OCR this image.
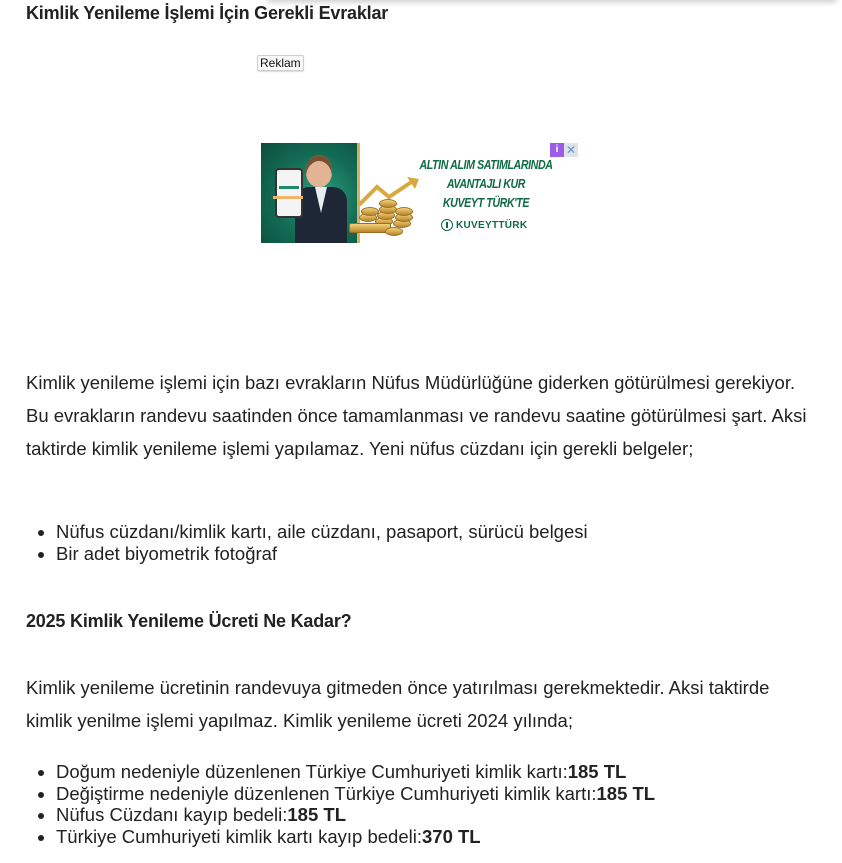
Kimlik Yenileme İşlemi İçin Gerekli Evraklar
Reklam
ALTIN ALIM SATIMLARINDA
AVANTAJLI KUR
KUVEYT TÜRK'TE
KUVEYTTÜRK
i ✕

Kimlik yenileme işlemi için bazı evrakların Nüfus Müdürlüğüne giderken götürülmesi gerekiyor. Bu evrakların randevu saatinden önce tamamlanması ve randevu saatine götürülmesi şart. Aksi taktirde kimlik yenileme işlemi yapılamaz. Yeni nüfus cüzdanı için gerekli belgeler;

• Nüfus cüzdanı/kimlik kartı, aile cüzdanı, pasaport, sürücü belgesi
• Bir adet biyometrik fotoğraf
2025 Kimlik Yenileme Ücreti Ne Kadar?

Kimlik yenileme ücretinin randevuya gitmeden önce yatırılması gerekmektedir. Aksi taktirde kimlik yenilme işlemi yapılmaz. Kimlik yenileme ücreti 2024 yılında;

• Doğum nedeniyle düzenlenen Türkiye Cumhuriyeti kimlik kartı:185 TL
• Değiştirme nedeniyle düzenlenen Türkiye Cumhuriyeti kimlik kartı:185 TL
• Nüfus Cüzdanı kayıp bedeli:185 TL
• Türkiye Cumhuriyeti kimlik kartı kayıp bedeli:370 TL
